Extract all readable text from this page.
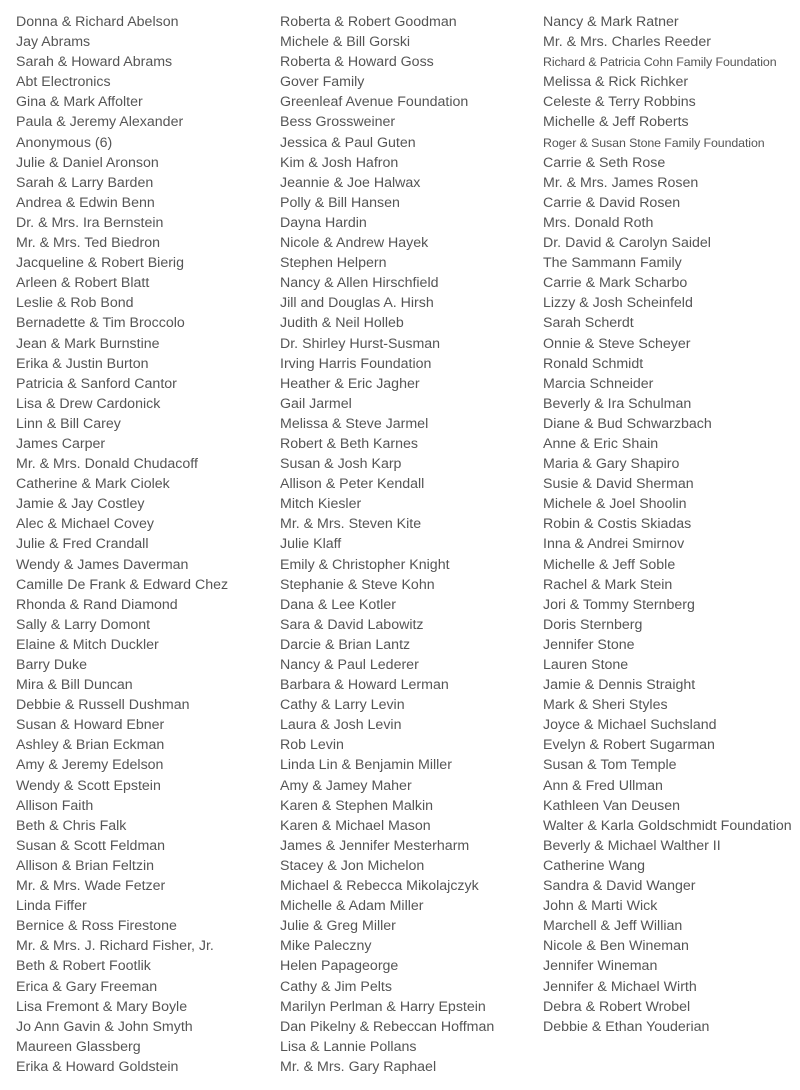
Donna & Richard Abelson
Jay Abrams
Sarah & Howard Abrams
Abt Electronics
Gina & Mark Affolter
Paula & Jeremy Alexander
Anonymous (6)
Julie & Daniel Aronson
Sarah & Larry Barden
Andrea & Edwin Benn
Dr. & Mrs. Ira Bernstein
Mr. & Mrs. Ted Biedron
Jacqueline & Robert Bierig
Arleen & Robert Blatt
Leslie & Rob Bond
Bernadette & Tim Broccolo
Jean & Mark Burnstine
Erika & Justin Burton
Patricia & Sanford Cantor
Lisa & Drew Cardonick
Linn & Bill Carey
James Carper
Mr. & Mrs. Donald Chudacoff
Catherine & Mark Ciolek
Jamie & Jay Costley
Alec & Michael Covey
Julie & Fred Crandall
Wendy & James Daverman
Camille De Frank & Edward Chez
Rhonda & Rand Diamond
Sally & Larry Domont
Elaine & Mitch Duckler
Barry Duke
Mira & Bill Duncan
Debbie & Russell Dushman
Susan & Howard Ebner
Ashley & Brian Eckman
Amy & Jeremy Edelson
Wendy & Scott Epstein
Allison Faith
Beth & Chris Falk
Susan & Scott Feldman
Allison & Brian Feltzin
Mr. & Mrs. Wade Fetzer
Linda Fiffer
Bernice & Ross Firestone
Mr. & Mrs. J. Richard Fisher, Jr.
Beth & Robert Footlik
Erica & Gary Freeman
Lisa Fremont & Mary Boyle
Jo Ann Gavin & John Smyth
Maureen Glassberg
Erika & Howard Goldstein
Roberta & Robert Goodman
Michele & Bill Gorski
Roberta & Howard Goss
Gover Family
Greenleaf Avenue Foundation
Bess Grossweiner
Jessica & Paul Guten
Kim & Josh Hafron
Jeannie & Joe Halwax
Polly & Bill Hansen
Dayna Hardin
Nicole & Andrew Hayek
Stephen Helpern
Nancy & Allen Hirschfield
Jill and Douglas A. Hirsh
Judith & Neil Holleb
Dr. Shirley Hurst-Susman
Irving Harris Foundation
Heather & Eric Jagher
Gail Jarmel
Melissa & Steve Jarmel
Robert & Beth Karnes
Susan & Josh Karp
Allison & Peter Kendall
Mitch Kiesler
Mr. & Mrs. Steven Kite
Julie Klaff
Emily & Christopher Knight
Stephanie & Steve Kohn
Dana & Lee Kotler
Sara & David Labowitz
Darcie & Brian Lantz
Nancy & Paul Lederer
Barbara & Howard Lerman
Cathy & Larry Levin
Laura & Josh Levin
Rob Levin
Linda Lin & Benjamin Miller
Amy & Jamey Maher
Karen & Stephen Malkin
Karen & Michael Mason
James & Jennifer Mesterharm
Stacey & Jon Michelon
Michael & Rebecca Mikolajczyk
Michelle & Adam Miller
Julie & Greg Miller
Mike Paleczny
Helen Papageorge
Cathy & Jim Pelts
Marilyn Perlman & Harry Epstein
Dan Pikelny & Rebeccan Hoffman
Lisa & Lannie Pollans
Mr. & Mrs. Gary Raphael
Nancy & Mark Ratner
Mr. & Mrs. Charles Reeder
Richard & Patricia Cohn Family Foundation
Melissa & Rick Richker
Celeste & Terry Robbins
Michelle & Jeff Roberts
Roger & Susan Stone Family Foundation
Carrie & Seth Rose
Mr. & Mrs. James Rosen
Carrie & David Rosen
Mrs. Donald Roth
Dr. David & Carolyn Saidel
The Sammann Family
Carrie & Mark Scharbo
Lizzy & Josh Scheinfeld
Sarah Scherdt
Onnie & Steve Scheyer
Ronald Schmidt
Marcia Schneider
Beverly & Ira Schulman
Diane & Bud Schwarzbach
Anne & Eric Shain
Maria & Gary Shapiro
Susie & David Sherman
Michele & Joel Shoolin
Robin & Costis Skiadas
Inna & Andrei Smirnov
Michelle & Jeff Soble
Rachel & Mark Stein
Jori & Tommy Sternberg
Doris Sternberg
Jennifer Stone
Lauren Stone
Jamie & Dennis Straight
Mark & Sheri Styles
Joyce & Michael Suchsland
Evelyn & Robert Sugarman
Susan & Tom Temple
Ann & Fred Ullman
Kathleen Van Deusen
Walter & Karla Goldschmidt Foundation
Beverly & Michael Walther II
Catherine Wang
Sandra & David Wanger
John & Marti Wick
Marchell & Jeff Willian
Nicole & Ben Wineman
Jennifer Wineman
Jennifer & Michael Wirth
Debra & Robert Wrobel
Debbie & Ethan Youderian
